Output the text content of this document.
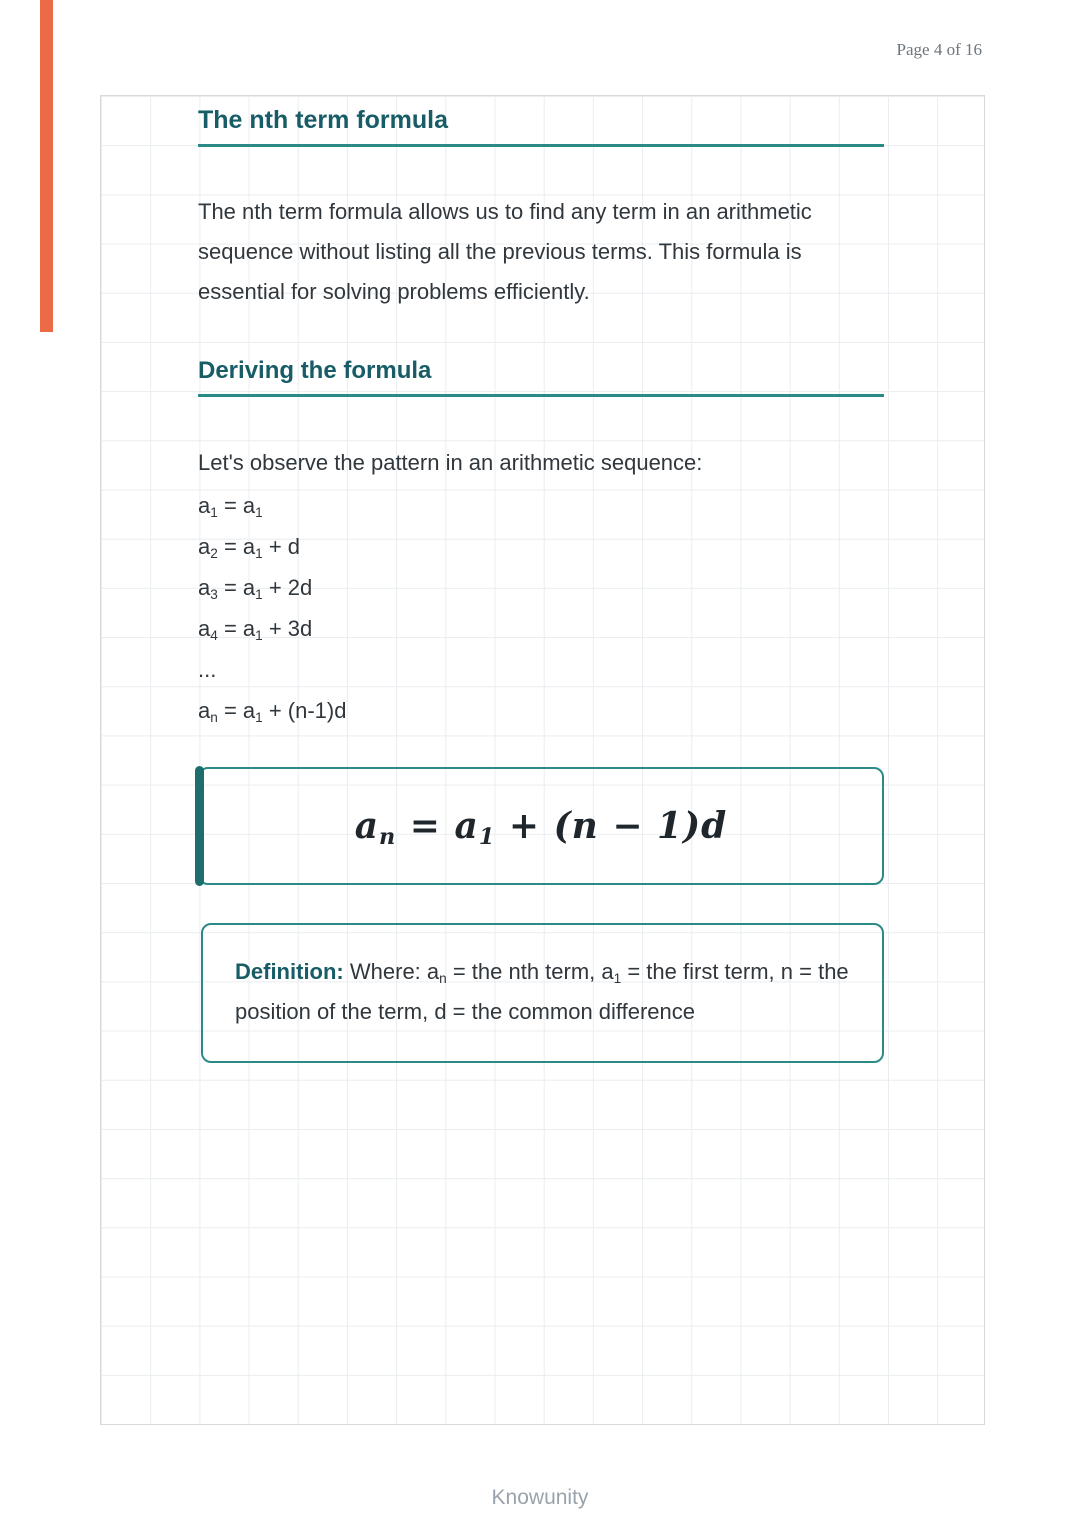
Page 4 of 16
The nth term formula

The nth term formula allows us to find any term in an arithmetic sequence without listing all the previous terms. This formula is essential for solving problems efficiently.

Deriving the formula

Let's observe the pattern in an arithmetic sequence:

$a_1 = a_1$
$a_2 = a_1 + d$
$a_3 = a_1 + 2d$
$a_4 = a_1 + 3d$
...
$a_n = a_1 + (n-1)d$
$a_n = a_1 + (n - 1)d$
Definition: Where: $a_n$ = the nth term, $a_1$ = the first term, n = the position of the term, d = the common difference
Knowunity
